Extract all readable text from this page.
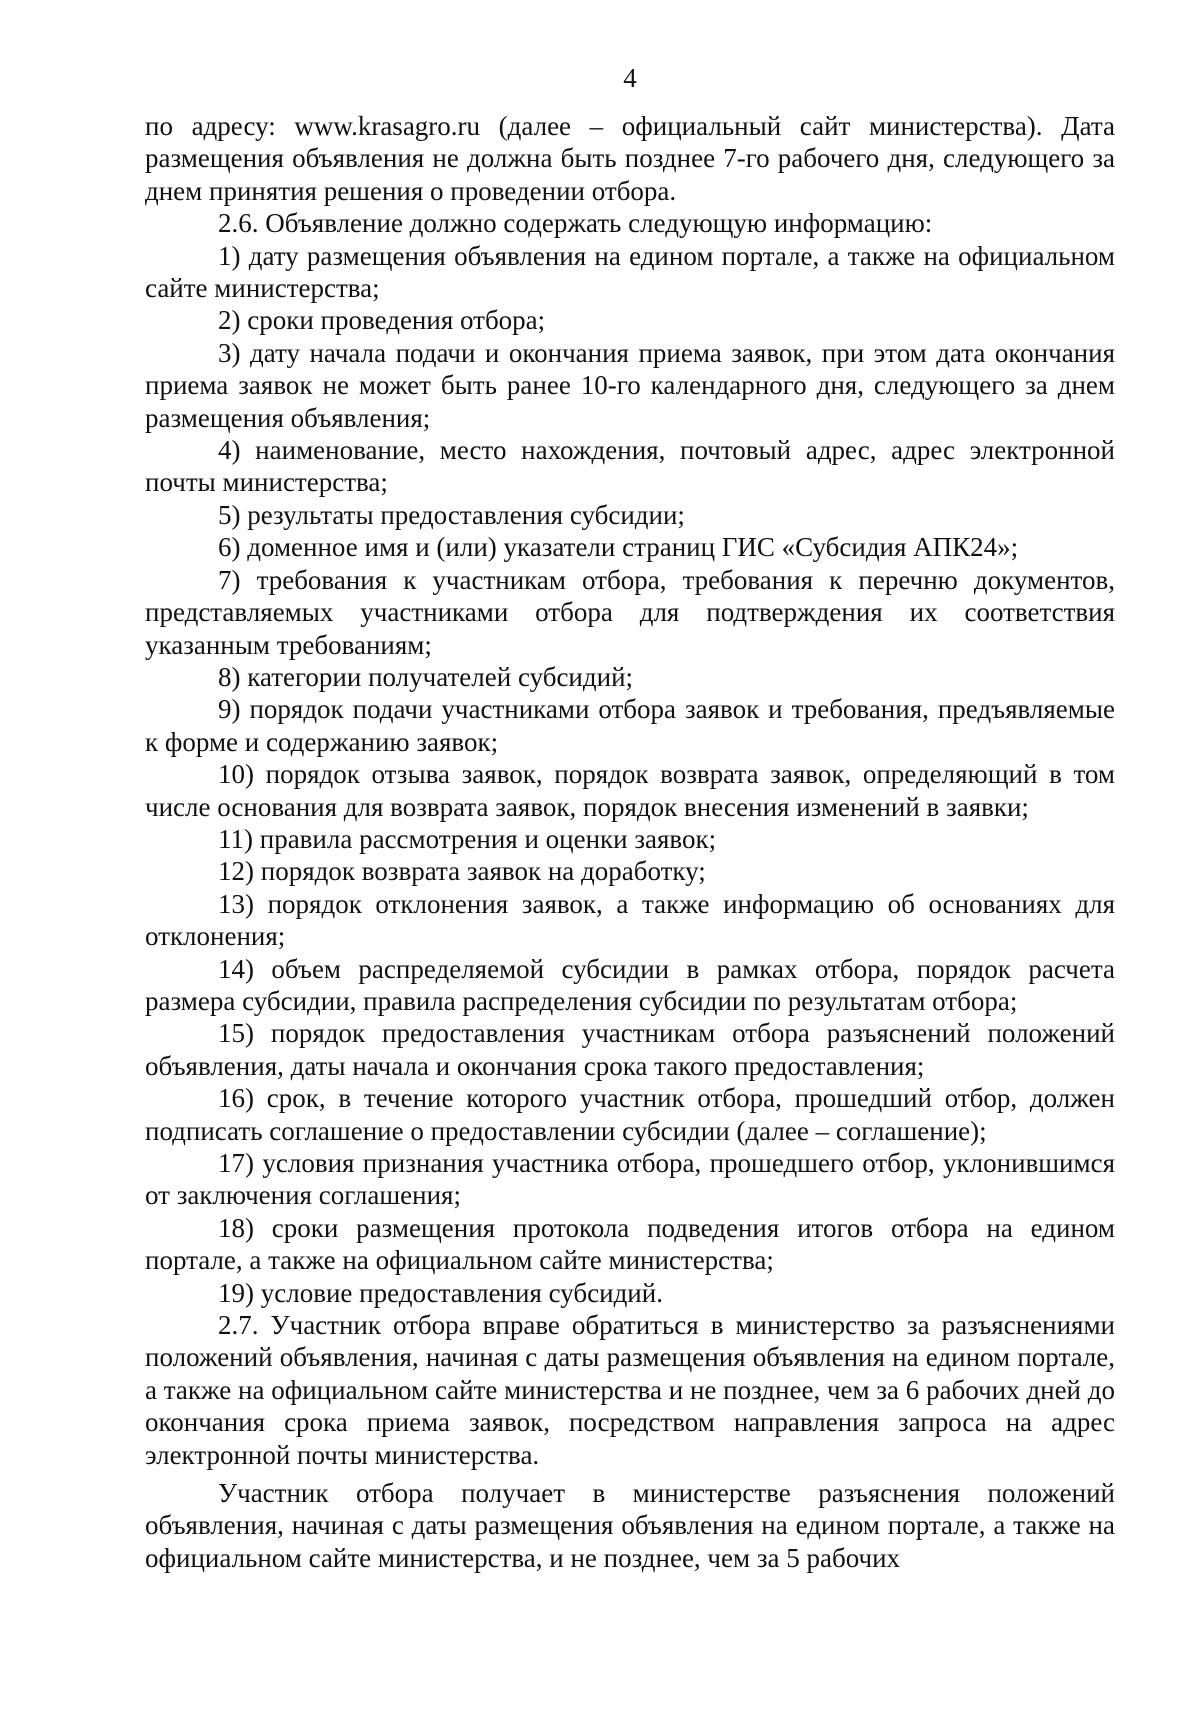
4

по адресу: www.krasagro.ru (далее – официальный сайт министерства). Дата размещения объявления не должна быть позднее 7-го рабочего дня, следующего за днем принятия решения о проведении отбора.

2.6. Объявление должно содержать следующую информацию:

1) дату размещения объявления на едином портале, а также на официальном сайте министерства;

2) сроки проведения отбора;

3) дату начала подачи и окончания приема заявок, при этом дата окончания приема заявок не может быть ранее 10-го календарного дня, следующего за днем размещения объявления;

4) наименование, место нахождения, почтовый адрес, адрес электронной почты министерства;

5) результаты предоставления субсидии;

6) доменное имя и (или) указатели страниц ГИС «Субсидия АПК24»;

7) требования к участникам отбора, требования к перечню документов, представляемых участниками отбора для подтверждения их соответствия указанным требованиям;

8) категории получателей субсидий;

9) порядок подачи участниками отбора заявок и требования, предъявляемые к форме и содержанию заявок;

10) порядок отзыва заявок, порядок возврата заявок, определяющий в том числе основания для возврата заявок, порядок внесения изменений в заявки;

11) правила рассмотрения и оценки заявок;

12) порядок возврата заявок на доработку;

13) порядок отклонения заявок, а также информацию об основаниях для отклонения;

14) объем распределяемой субсидии в рамках отбора, порядок расчета размера субсидии, правила распределения субсидии по результатам отбора;

15) порядок предоставления участникам отбора разъяснений положений объявления, даты начала и окончания срока такого предоставления;

16) срок, в течение которого участник отбора, прошедший отбор, должен подписать соглашение о предоставлении субсидии (далее – соглашение);

17) условия признания участника отбора, прошедшего отбор, уклонившимся от заключения соглашения;

18) сроки размещения протокола подведения итогов отбора на едином портале, а также на официальном сайте министерства;

19) условие предоставления субсидий.

2.7. Участник отбора вправе обратиться в министерство за разъяснениями положений объявления, начиная с даты размещения объявления на едином портале, а также на официальном сайте министерства и не позднее, чем за 6 рабочих дней до окончания срока приема заявок, посредством направления запроса на адрес электронной почты министерства.

Участник отбора получает в министерстве разъяснения положений объявления, начиная с даты размещения объявления на едином портале, а также на официальном сайте министерства, и не позднее, чем за 5 рабочих
